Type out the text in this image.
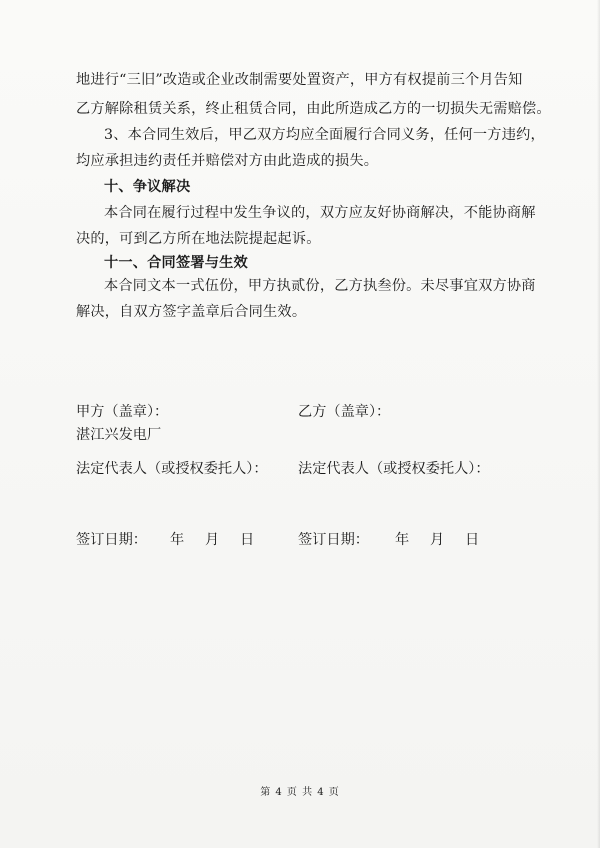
地进行“三旧”改造或企业改制需要处置资产，甲方有权提前三个月告知
乙方解除租赁关系，终止租赁合同，由此所造成乙方的一切损失无需赔偿。
3、本合同生效后，甲乙双方均应全面履行合同义务，任何一方违约，
均应承担违约责任并赔偿对方由此造成的损失。
十、争议解决
本合同在履行过程中发生争议的，双方应友好协商解决，不能协商解
决的，可到乙方所在地法院提起起诉。
十一、合同签署与生效
本合同文本一式伍份，甲方执贰份，乙方执叁份。未尽事宜双方协商
解决，自双方签字盖章后合同生效。
甲方（盖章）：	乙方（盖章）：
湛江兴发电厂
法定代表人（或授权委托人）： 法定代表人（或授权委托人）：
签订日期： 年 月 日	签订日期： 年 月 日
第 4 页 共 4 页
